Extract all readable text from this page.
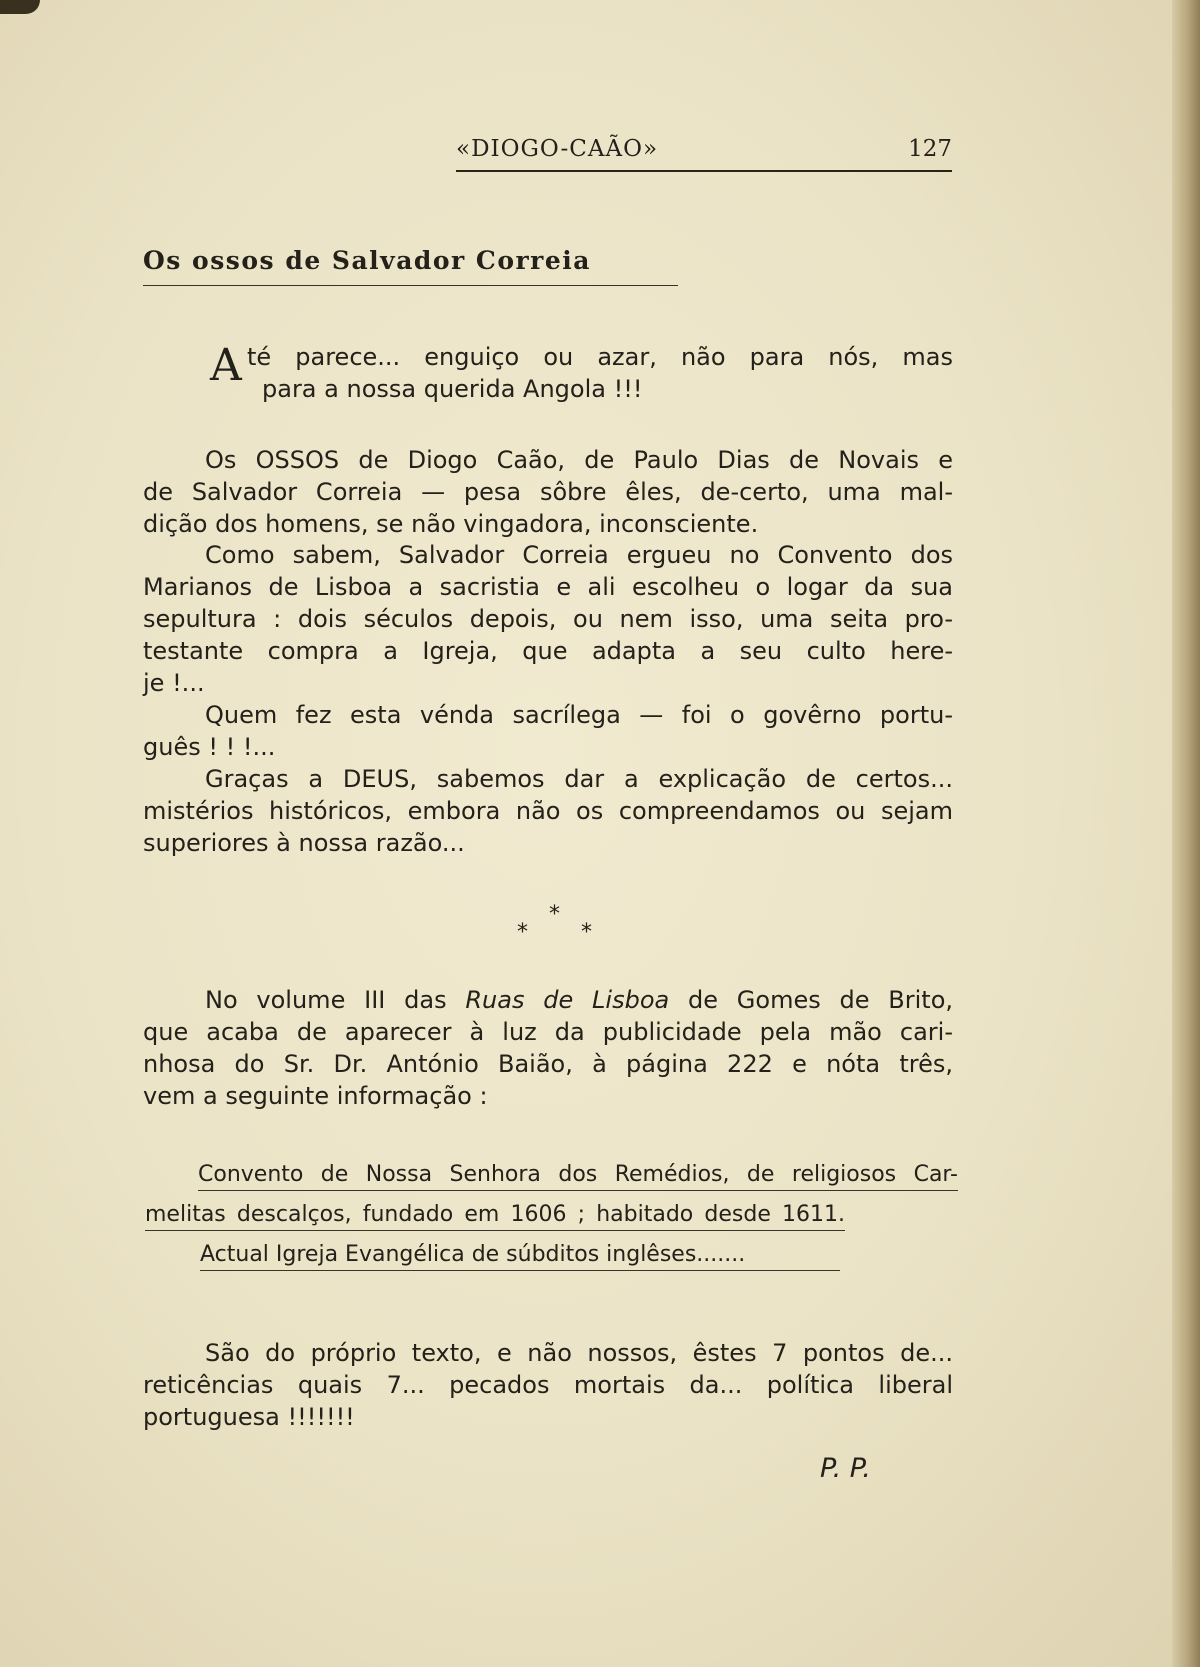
«DIOGO-CAÃO»	127
Os ossos de Salvador Correia
A té parece... enguiço ou azar, não para nós, mas
para a nossa querida Angola !!!
Os OSSOS de Diogo Caão, de Paulo Dias de Novais e
de Salvador Correia — pesa sôbre êles, de-certo, uma mal-
dição dos homens, se não vingadora, inconsciente.
Como sabem, Salvador Correia ergueu no Convento dos
Marianos de Lisboa a sacristia e ali escolheu o logar da sua
sepultura : dois séculos depois, ou nem isso, uma seita pro-
testante compra a Igreja, que adapta a seu culto here-
je !...
Quem fez esta vénda sacrílega — foi o govêrno portu-
guês ! ! !...
Graças a DEUS, sabemos dar a explicação de certos...
mistérios históricos, embora não os compreendamos ou sejam
superiores à nossa razão...
*
* *
No volume III das Ruas de Lisboa de Gomes de Brito,
que acaba de aparecer à luz da publicidade pela mão cari-
nhosa do Sr. Dr. António Baião, à página 222 e nóta três,
vem a seguinte informação :
Convento de Nossa Senhora dos Remédios, de religiosos Car-
melitas descalços, fundado em 1606 ; habitado desde 1611.
Actual Igreja Evangélica de súbditos inglêses.......
São do próprio texto, e não nossos, êstes 7 pontos de...
reticências quais 7... pecados mortais da... política liberal
portuguesa !!!!!!!
P. P.
